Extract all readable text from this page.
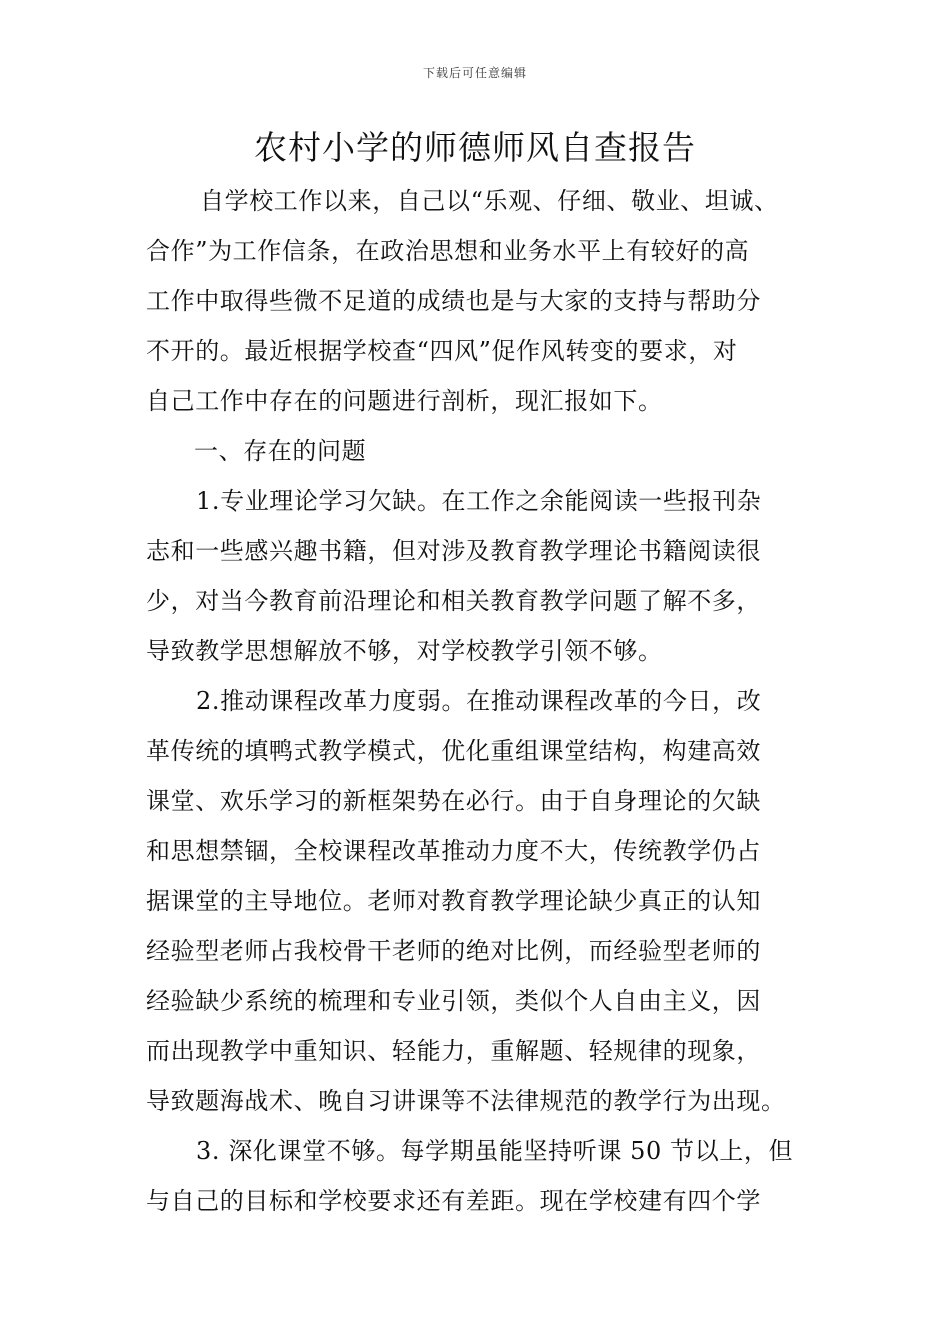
下载后可任意编辑
农村小学的师德师风自查报告
自学校工作以来，自己以“乐观、仔细、敬业、坦诚、
合作”为工作信条，在政治思想和业务水平上有较好的高
工作中取得些微不足道的成绩也是与大家的支持与帮助分
不开的。最近根据学校查“四风”促作风转变的要求，对
自己工作中存在的问题进行剖析，现汇报如下。
一、存在的问题
1.专业理论学习欠缺。在工作之余能阅读一些报刊杂
志和一些感兴趣书籍，但对涉及教育教学理论书籍阅读很
少，对当今教育前沿理论和相关教育教学问题了解不多，
导致教学思想解放不够，对学校教学引领不够。
2.推动课程改革力度弱。在推动课程改革的今日，改
革传统的填鸭式教学模式，优化重组课堂结构，构建高效
课堂、欢乐学习的新框架势在必行。由于自身理论的欠缺
和思想禁锢，全校课程改革推动力度不大，传统教学仍占
据课堂的主导地位。老师对教育教学理论缺少真正的认知
经验型老师占我校骨干老师的绝对比例，而经验型老师的
经验缺少系统的梳理和专业引领，类似个人自由主义，因
而出现教学中重知识、轻能力，重解题、轻规律的现象，
导致题海战术、晚自习讲课等不法律规范的教学行为出现。
3. 深化课堂不够。每学期虽能坚持听课 50 节以上，但
与自己的目标和学校要求还有差距。现在学校建有四个学
